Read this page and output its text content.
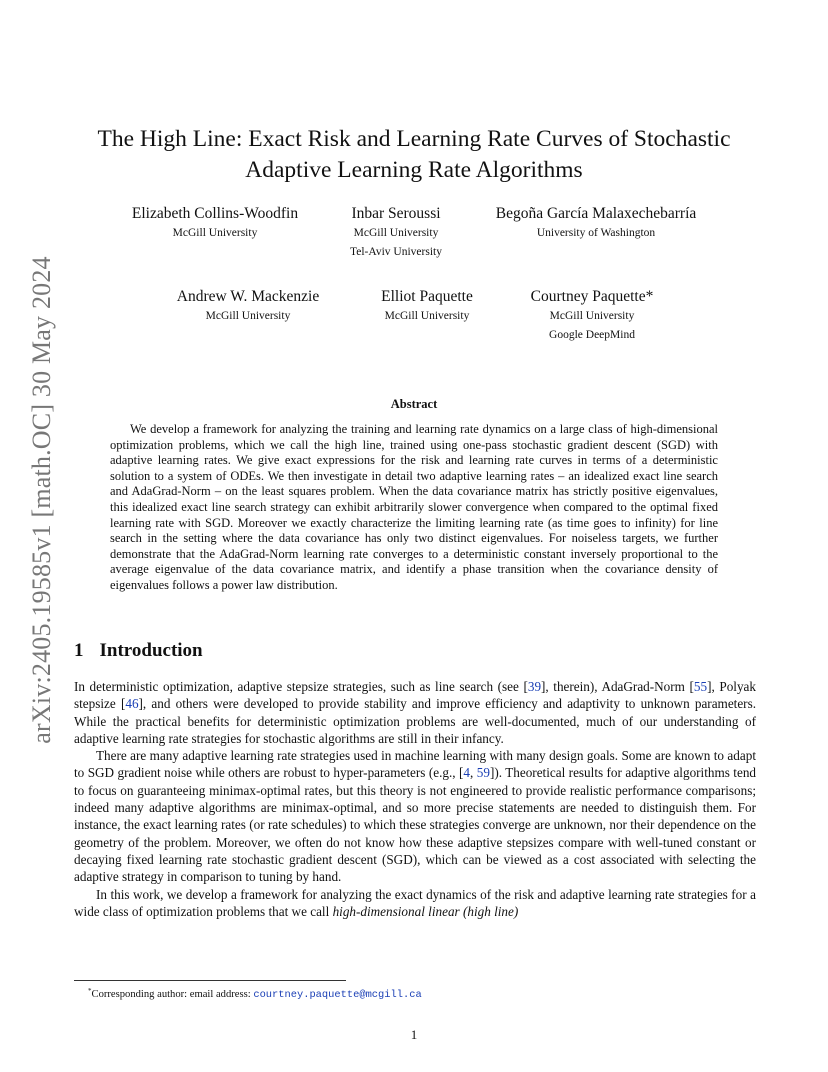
arXiv:2405.19585v1 [math.OC] 30 May 2024
The High Line: Exact Risk and Learning Rate Curves of Stochastic
Adaptive Learning Rate Algorithms
Elizabeth Collins-Woodfin
McGill University
Inbar Seroussi
McGill University
Tel-Aviv University
Begoña García Malaxechebarría
University of Washington
Andrew W. Mackenzie
McGill University
Elliot Paquette
McGill University
Courtney Paquette*
McGill University
Google DeepMind
Abstract

We develop a framework for analyzing the training and learning rate dynamics on a large class of high-dimensional optimization problems, which we call the high line, trained using one-pass stochastic gradient descent (SGD) with adaptive learning rates. We give exact expressions for the risk and learning rate curves in terms of a deterministic solution to a system of ODEs. We then investigate in detail two adaptive learning rates – an idealized exact line search and AdaGrad-Norm – on the least squares problem. When the data covariance matrix has strictly positive eigenvalues, this idealized exact line search strategy can exhibit arbitrarily slower convergence when compared to the optimal fixed learning rate with SGD. Moreover we exactly characterize the limiting learning rate (as time goes to infinity) for line search in the setting where the data covariance has only two distinct eigenvalues. For noiseless targets, we further demonstrate that the AdaGrad-Norm learning rate converges to a deterministic constant inversely proportional to the average eigenvalue of the data covariance matrix, and identify a phase transition when the covariance density of eigenvalues follows a power law distribution.

1 Introduction

In deterministic optimization, adaptive stepsize strategies, such as line search (see [39], therein), AdaGrad-Norm [55], Polyak stepsize [46], and others were developed to provide stability and improve efficiency and adaptivity to unknown parameters. While the practical benefits for deterministic optimization problems are well-documented, much of our understanding of adaptive learning rate strategies for stochastic algorithms are still in their infancy.

There are many adaptive learning rate strategies used in machine learning with many design goals. Some are known to adapt to SGD gradient noise while others are robust to hyper-parameters (e.g., [4, 59]). Theoretical results for adaptive algorithms tend to focus on guaranteeing minimax-optimal rates, but this theory is not engineered to provide realistic performance comparisons; indeed many adaptive algorithms are minimax-optimal, and so more precise statements are needed to distinguish them. For instance, the exact learning rates (or rate schedules) to which these strategies converge are unknown, nor their dependence on the geometry of the problem. Moreover, we often do not know how these adaptive stepsizes compare with well-tuned constant or decaying fixed learning rate stochastic gradient descent (SGD), which can be viewed as a cost associated with selecting the adaptive strategy in comparison to tuning by hand.

In this work, we develop a framework for analyzing the exact dynamics of the risk and adaptive learning rate strategies for a wide class of optimization problems that we call high-dimensional linear (high line)

*Corresponding author: email address: courtney.paquette@mcgill.ca
1
